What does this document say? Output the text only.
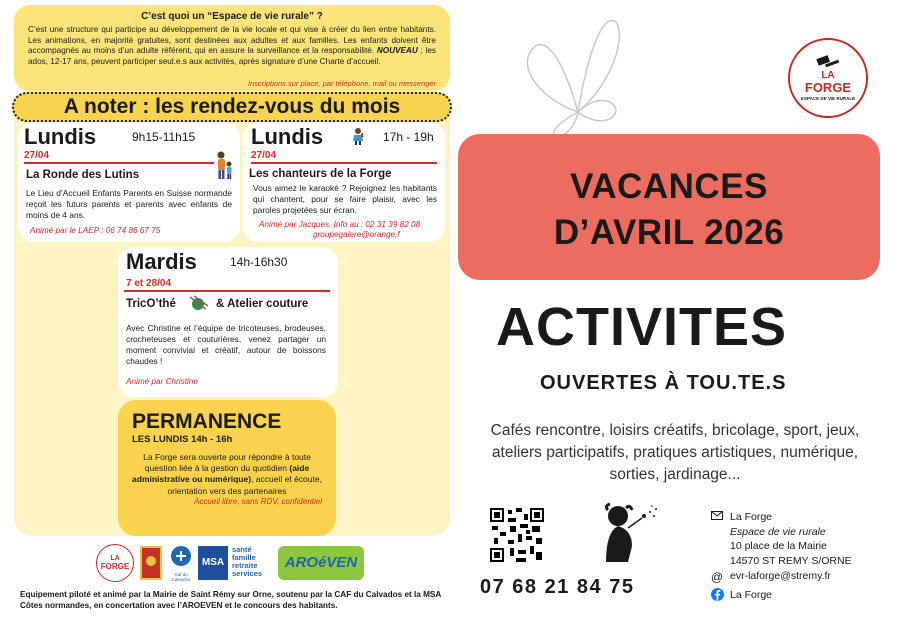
C’est quoi un “Espace de vie rurale” ?
C’est une structure qui participe au développement de la vie locale et qui vise à créer du lien entre habitants. Les animations, en majorité gratuites, sont destinées aux adultes et aux familles. Les enfants doivent être accompagnés au moins d’un adulte référent, qui en assure la surveillance et la responsabilité. NOUVEAU : les ados, 12-17 ans, peuvent participer seul.e.s aux activités, après signature d’une Charte d’accueil.
Inscriptions sur place, par téléphone, mail ou messenger
A noter : les rendez-vous du mois
Lundis	9h15-11h15
27/04
La Ronde des Lutins
Le Lieu d’Accueil Enfants Parents en Suisse normande reçoit les futurs parents et parents avec enfants de moins de 4 ans.
Animé par le LAEP : 06 74 86 67 75
Lundis	17h - 19h
27/04
Les chanteurs de la Forge
Vous aimez le karaoké ? Rejoignez les habitants qui chantent, pour se faire plaisir, avec les paroles projetées sur écran.
Animé par Jacques. Info au : 02 31 39 82 08
groupegalere@orange.f
Mardis	14h-16h30
7 et 28/04
TricO’thé	& Atelier couture
Avec Christine et l’équipe de tricoteuses, brodeuses, crocheteuses et couturières, venez partager un moment convivial et créatif, autour de boissons chaudes !
Animé par Christine
PERMANENCE
LES LUNDIS 14h - 16h
La Forge sera ouverte pour répondre à toute question liée à la gestion du quotidien (aide administrative ou numérique), accueil et écoute, orientation vers des partenaires
Accueil libre, sans RDV, confidentiel
LA
FORGE
Caf du Calvados
MSA
santé famille retraite services
AROéVEN
Equipement piloté et animé par la Mairie de Saint Rémy sur Orne, soutenu par la CAF du Calvados et la MSA Côtes normandes, en concertation avec l’AROEVEN et le concours des habitants.
LA
FORGE
ESPACE DE VIE RURALE
VACANCES
D’AVRIL 2026
ACTIVITES
OUVERTES À TOU.TE.S
Cafés rencontre, loisirs créatifs, bricolage, sport, jeux, ateliers participatifs, pratiques artistiques, numérique, sorties, jardinage...
07 68 21 84 75
La Forge
Espace de vie rurale
10 place de la Mairie
14570 ST REMY S/ORNE
@ evr-laforge@stremy.fr
La Forge
